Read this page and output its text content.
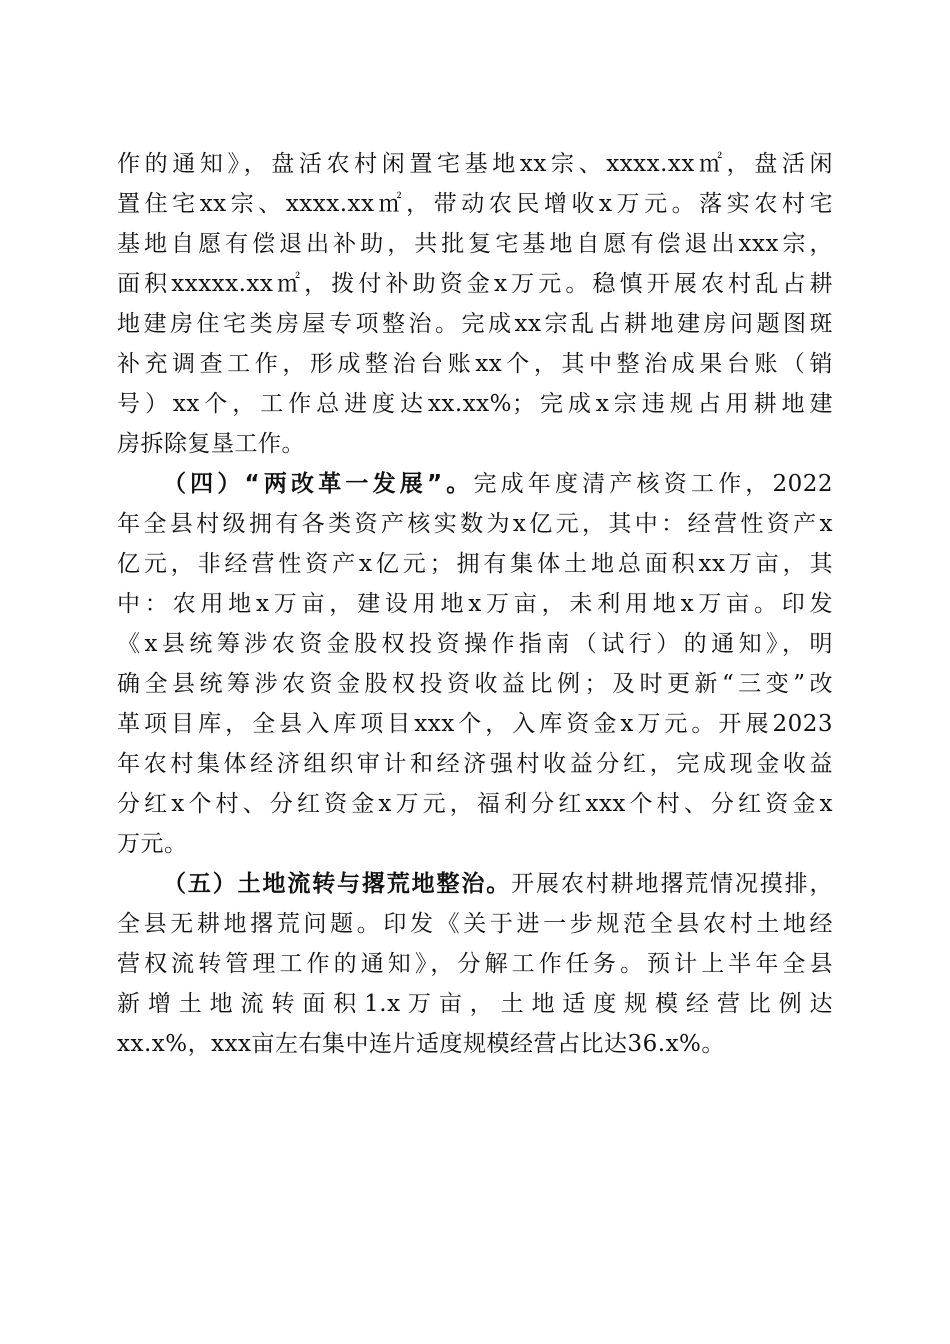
作的通知》，盘活农村闲置宅基地xx宗、xxxx.xx㎡，盘活闲
置住宅xx宗、xxxx.xx㎡，带动农民增收x万元。落实农村宅
基地自愿有偿退出补助，共批复宅基地自愿有偿退出xxx宗，
面积xxxxx.xx㎡，拨付补助资金x万元。稳慎开展农村乱占耕
地建房住宅类房屋专项整治。完成xx宗乱占耕地建房问题图斑
补充调查工作，形成整治台账xx个，其中整治成果台账（销
号）xx个，工作总进度达xx.xx%；完成x宗违规占用耕地建
房拆除复垦工作。
（四）“两改革一发展”。完成年度清产核资工作，2022
年全县村级拥有各类资产核实数为x亿元，其中：经营性资产x
亿元，非经营性资产x亿元；拥有集体土地总面积xx万亩，其
中：农用地x万亩，建设用地x万亩，未利用地x万亩。印发
《x县统筹涉农资金股权投资操作指南（试行）的通知》，明
确全县统筹涉农资金股权投资收益比例；及时更新“三变”改
革项目库，全县入库项目xxx个，入库资金x万元。开展2023
年农村集体经济组织审计和经济强村收益分红，完成现金收益
分红x个村、分红资金x万元，福利分红xxx个村、分红资金x
万元。
（五）土地流转与撂荒地整治。开展农村耕地撂荒情况摸排，
全县无耕地撂荒问题。印发《关于进一步规范全县农村土地经
营权流转管理工作的通知》，分解工作任务。预计上半年全县
新增土地流转面积1.x万亩，土地适度规模经营比例达
xx.x%，xxx亩左右集中连片适度规模经营占比达36.x%。
